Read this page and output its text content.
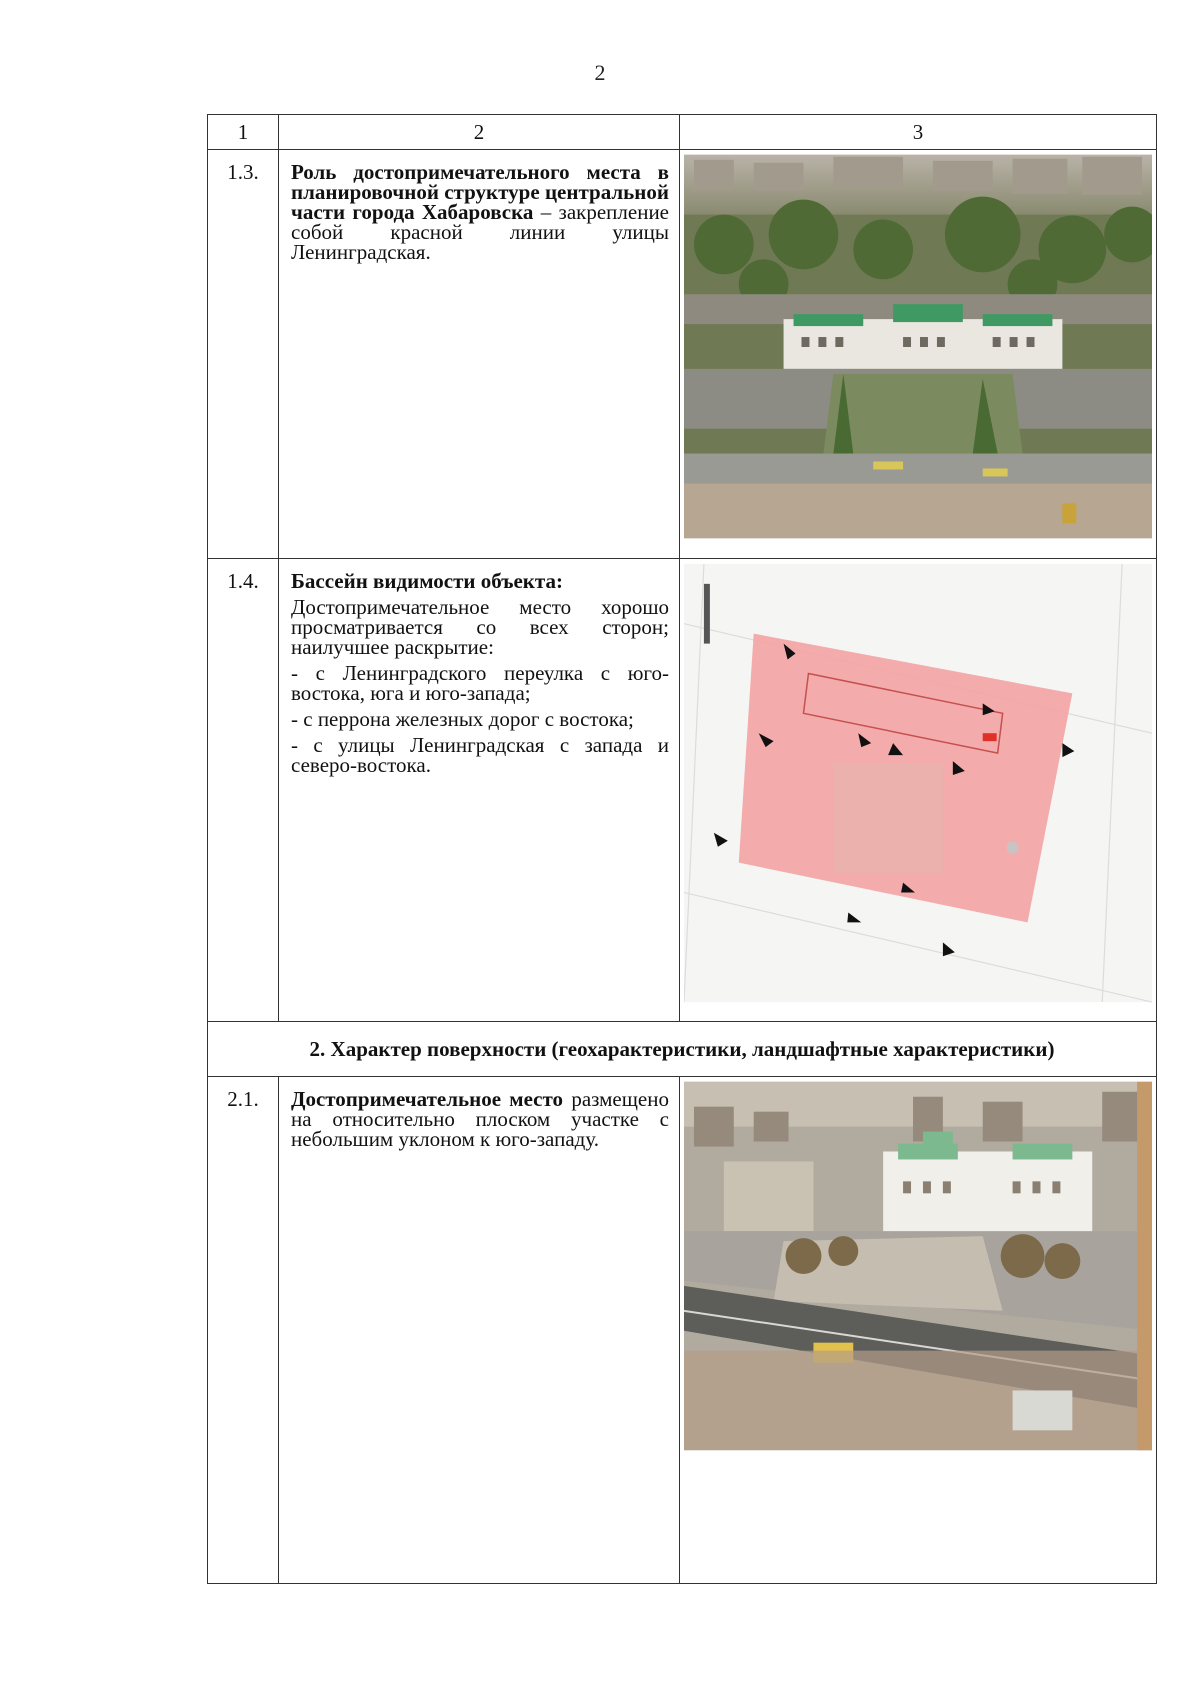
2
1	2	3
1.3.	Роль достопримечательного места в планировочной структуре центральной части города Хабаровска – закрепление собой красной линии улицы Ленинградская.	

1.4.	Бассейн видимости объекта:

Достопримечательное место хорошо просматривается со всех сторон; наилучшее раскрытие:

- с Ленинградского переулка с юго-востока, юга и юго-запада;

- с перрона железных дорог с востока;

- с улицы Ленинградская с запада и северо-востока.

2. Характер поверхности (геохарактеристики, ландшафтные характеристики)		
2.1.	Достопримечательное место размещено на относительно плоском участке с небольшим уклоном к юго-западу.	
